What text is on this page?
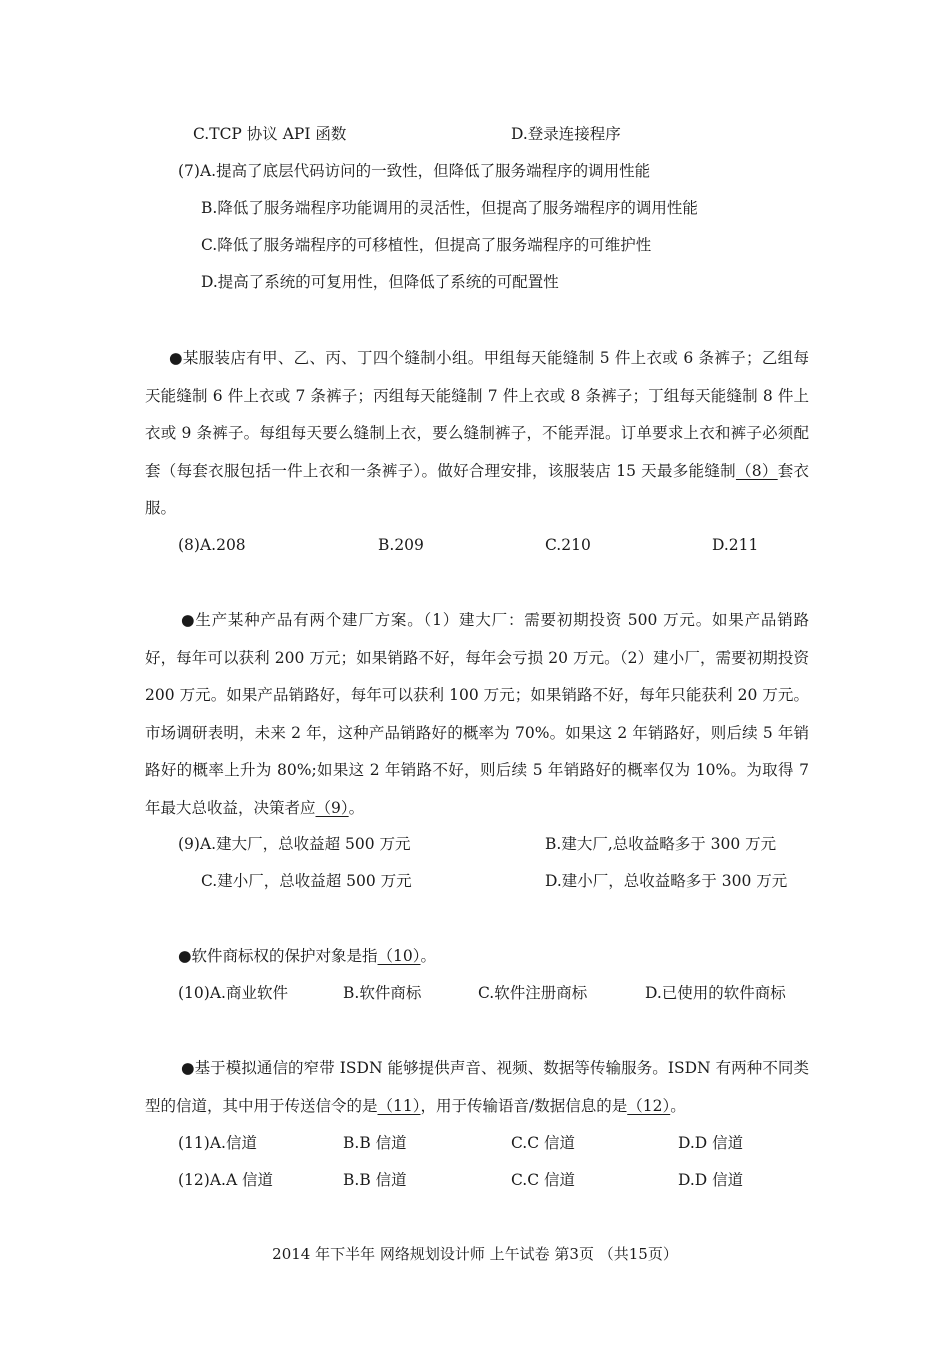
C.TCP 协议 API 函数	D.登录连接程序
(7)A.提高了底层代码访问的一致性，但降低了服务端程序的调用性能
B.降低了服务端程序功能调用的灵活性，但提高了服务端程序的调用性能
C.降低了服务端程序的可移植性，但提高了服务端程序的可维护性
D.提高了系统的可复用性，但降低了系统的可配置性
●某服装店有甲、乙、丙、丁四个缝制小组。甲组每天能缝制 5 件上衣或 6 条裤子；乙组每天能缝制 6 件上衣或 7 条裤子；丙组每天能缝制 7 件上衣或 8 条裤子；丁组每天能缝制 8 件上衣或 9 条裤子。每组每天要么缝制上衣，要么缝制裤子，不能弄混。订单要求上衣和裤子必须配套（每套衣服包括一件上衣和一条裤子）。做好合理安排，该服装店 15 天最多能缝制（8）套衣服。
(8)A.208	B.209	C.210	D.211
●生产某种产品有两个建厂方案。（1）建大厂：需要初期投资 500 万元。如果产品销路好，每年可以获利 200 万元；如果销路不好，每年会亏损 20 万元。（2）建小厂，需要初期投资 200 万元。如果产品销路好，每年可以获利 100 万元；如果销路不好，每年只能获利 20 万元。市场调研表明，未来 2 年，这种产品销路好的概率为 70%。如果这 2 年销路好，则后续 5 年销路好的概率上升为 80%;如果这 2 年销路不好，则后续 5 年销路好的概率仅为 10%。为取得 7 年最大总收益，决策者应（9）。
(9)A.建大厂，总收益超 500 万元	B.建大厂,总收益略多于 300 万元
C.建小厂，总收益超 500 万元	D.建小厂，总收益略多于 300 万元
●软件商标权的保护对象是指（10）。
(10)A.商业软件	B.软件商标	C.软件注册商标	D.已使用的软件商标
●基于模拟通信的窄带 ISDN 能够提供声音、视频、数据等传输服务。ISDN 有两种不同类型的信道，其中用于传送信令的是（11），用于传输语音/数据信息的是（12）。
(11)A.信道	B.B 信道	C.C 信道	D.D 信道
(12)A.A 信道	B.B 信道	C.C 信道	D.D 信道
2014 年下半年 网络规划设计师 上午试卷 第3页 （共15页）
